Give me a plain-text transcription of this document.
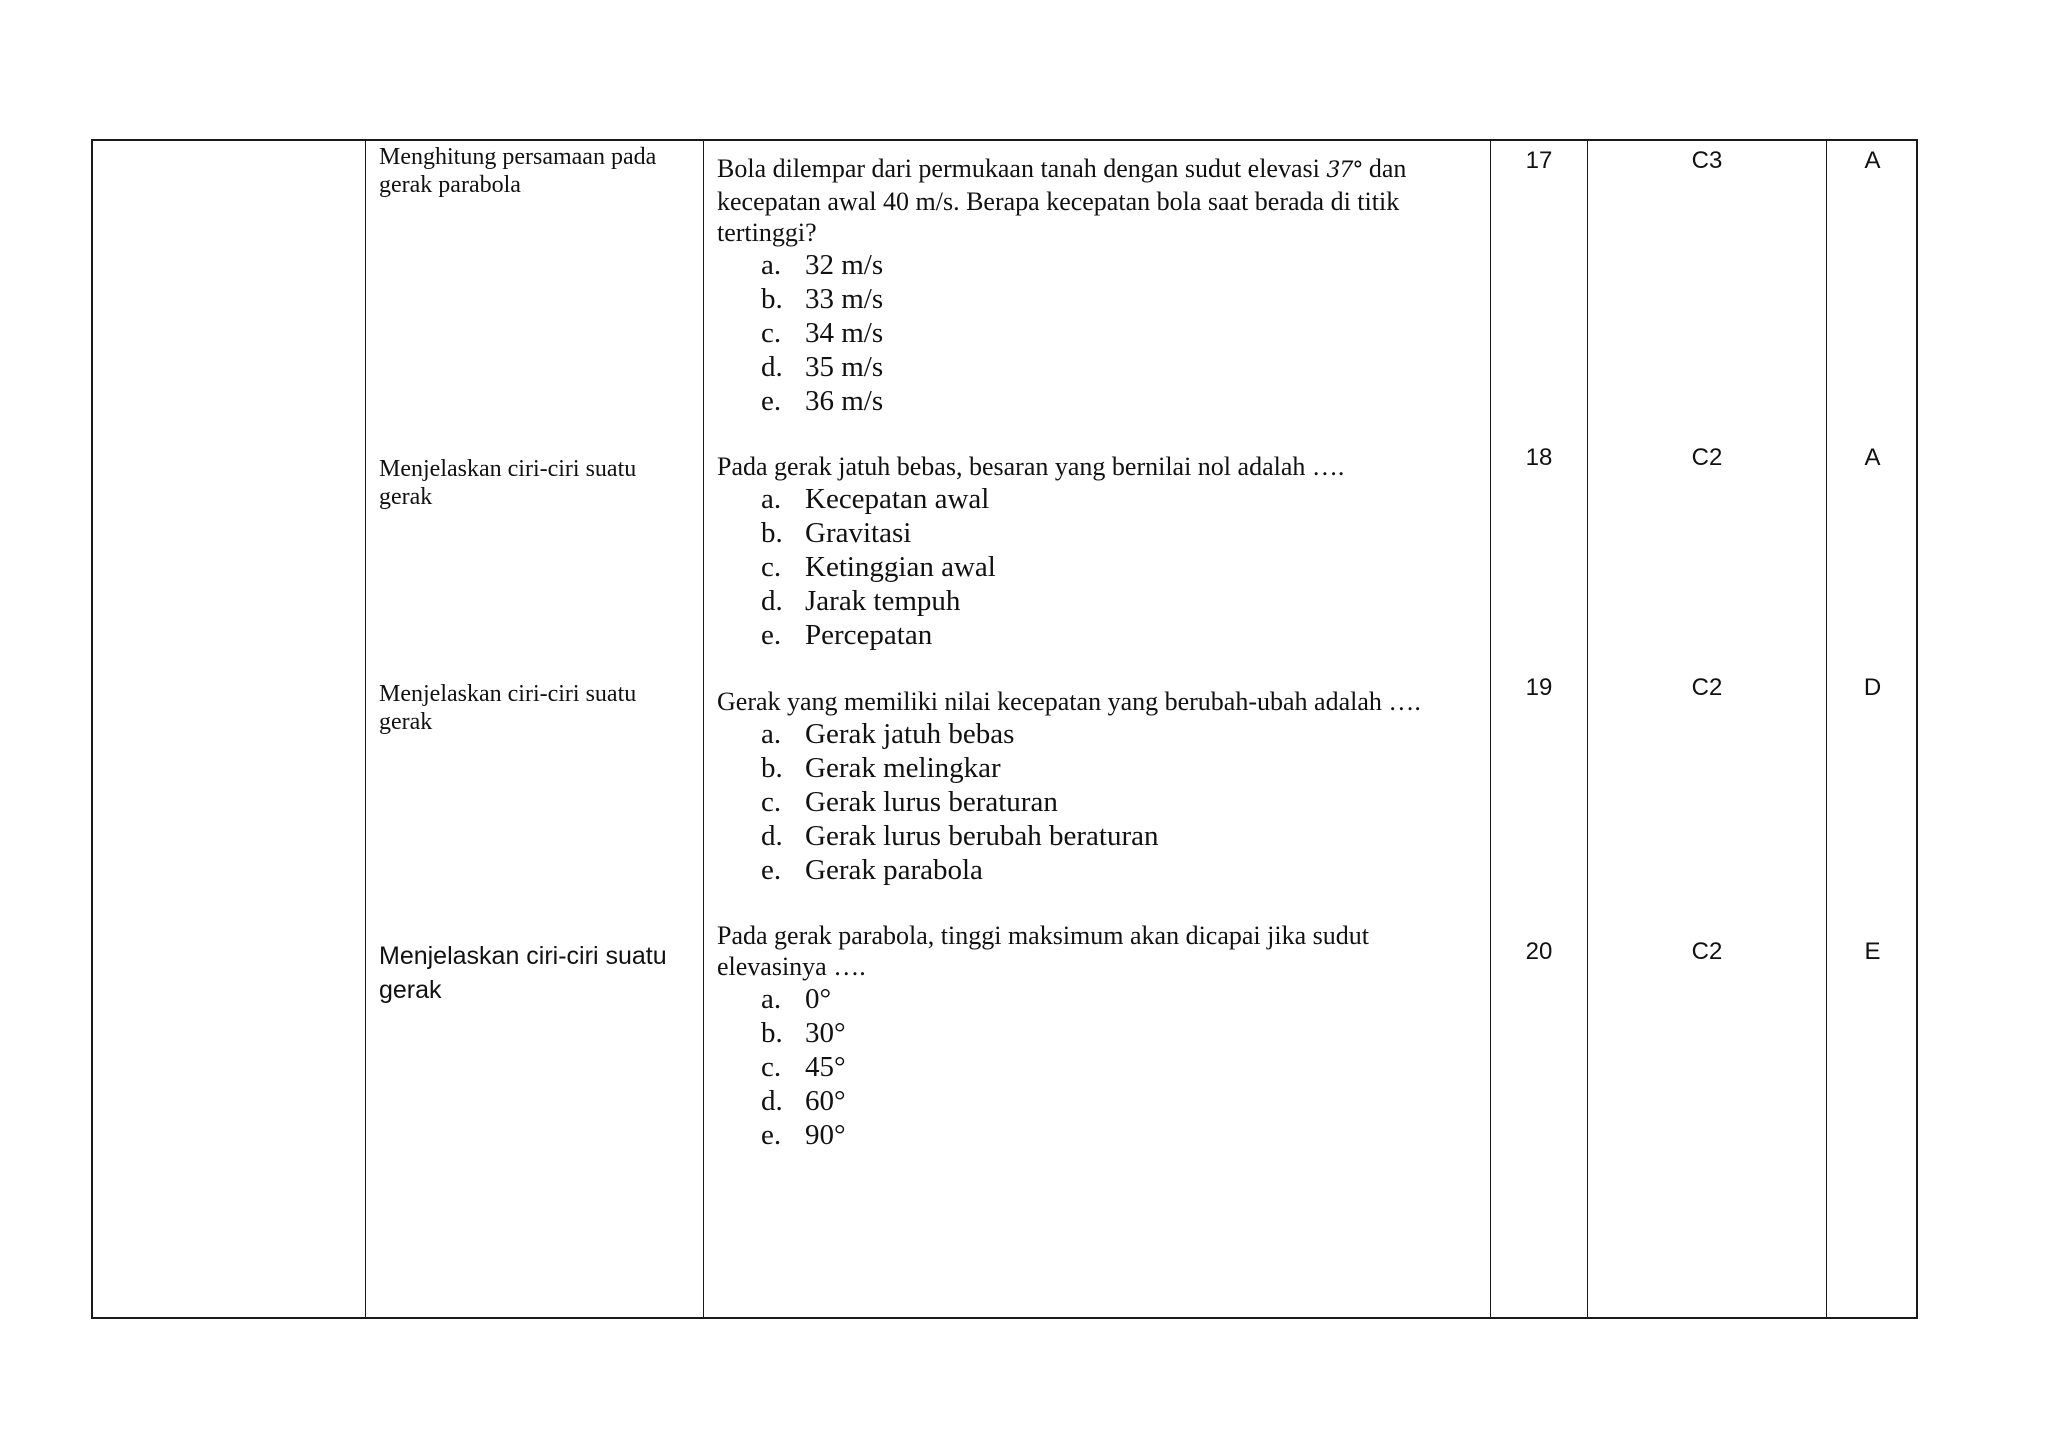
Menghitung persamaan pada gerak parabola

Bola dilempar dari permukaan tanah dengan sudut elevasi 37° dan kecepatan awal 40 m/s. Berapa kecepatan bola saat berada di titik tertinggi?

a. 32 m/s
b. 33 m/s
c. 34 m/s
d. 35 m/s
e. 36 m/s
17	C3	A
Menjelaskan ciri-ciri suatu gerak

Pada gerak jatuh bebas, besaran yang bernilai nol adalah ….

a. Kecepatan awal
b. Gravitasi
c. Ketinggian awal
d. Jarak tempuh
e. Percepatan
18	C2	A
Menjelaskan ciri-ciri suatu gerak

Gerak yang memiliki nilai kecepatan yang berubah-ubah adalah ….

a. Gerak jatuh bebas
b. Gerak melingkar
c. Gerak lurus beraturan
d. Gerak lurus berubah beraturan
e. Gerak parabola
19	C2	D
Menjelaskan ciri-ciri suatu gerak

Pada gerak parabola, tinggi maksimum akan dicapai jika sudut elevasinya ….

a. 0°
b. 30°
c. 45°
d. 60°
e. 90°
20	C2	E
